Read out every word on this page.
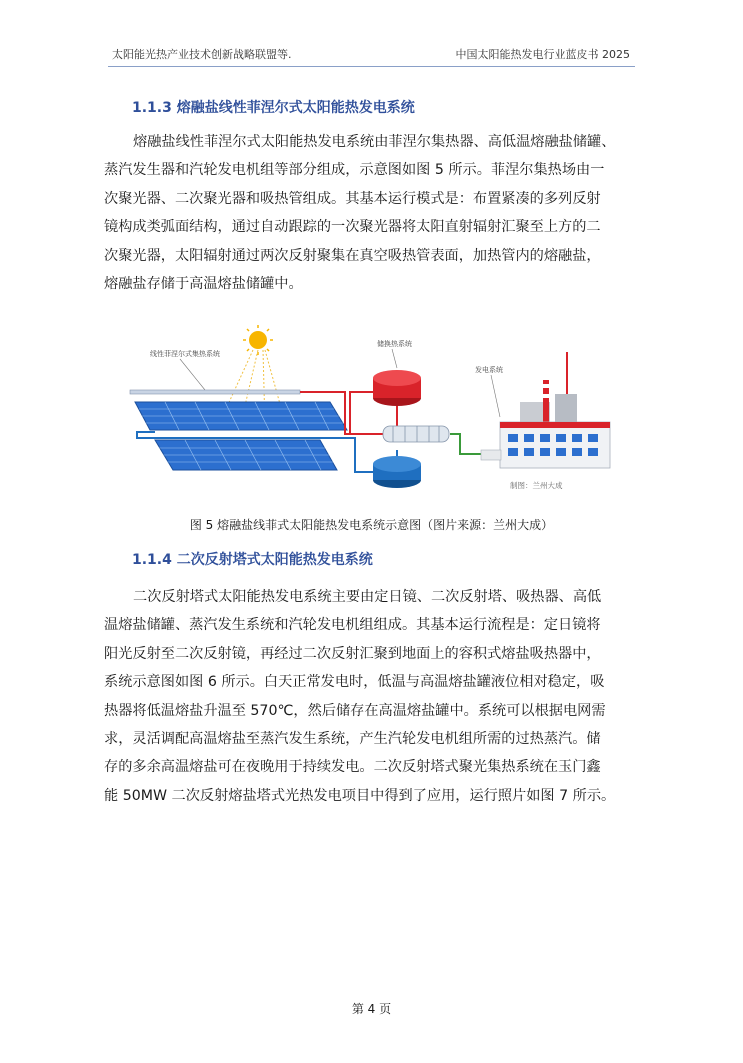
太阳能光热产业技术创新战略联盟等.	中国太阳能热发电行业蓝皮书 2025
1.1.3 熔融盐线性菲涅尔式太阳能热发电系统
熔融盐线性菲涅尔式太阳能热发电系统由菲涅尔集热器、高低温熔融盐储罐、
蒸汽发生器和汽轮发电机组等部分组成，示意图如图 5 所示。菲涅尔集热场由一
次聚光器、二次聚光器和吸热管组成。其基本运行模式是：布置紧凑的多列反射
镜构成类弧面结构，通过自动跟踪的一次聚光器将太阳直射辐射汇聚至上方的二
次聚光器，太阳辐射通过两次反射聚集在真空吸热管表面，加热管内的熔融盐，
熔融盐存储于高温熔盐储罐中。
线性菲涅尔式集热系统
储换热系统
发电系统
制图：兰州大成
图 5 熔融盐线菲式太阳能热发电系统示意图（图片来源：兰州大成）
1.1.4 二次反射塔式太阳能热发电系统
二次反射塔式太阳能热发电系统主要由定日镜、二次反射塔、吸热器、高低
温熔盐储罐、蒸汽发生系统和汽轮发电机组组成。其基本运行流程是：定日镜将
阳光反射至二次反射镜，再经过二次反射汇聚到地面上的容积式熔盐吸热器中，
系统示意图如图 6 所示。白天正常发电时，低温与高温熔盐罐液位相对稳定，吸
热器将低温熔盐升温至 570℃，然后储存在高温熔盐罐中。系统可以根据电网需
求，灵活调配高温熔盐至蒸汽发生系统，产生汽轮发电机组所需的过热蒸汽。储
存的多余高温熔盐可在夜晚用于持续发电。二次反射塔式聚光集热系统在玉门鑫
能 50MW 二次反射熔盐塔式光热发电项目中得到了应用，运行照片如图 7 所示。
第 4 页
